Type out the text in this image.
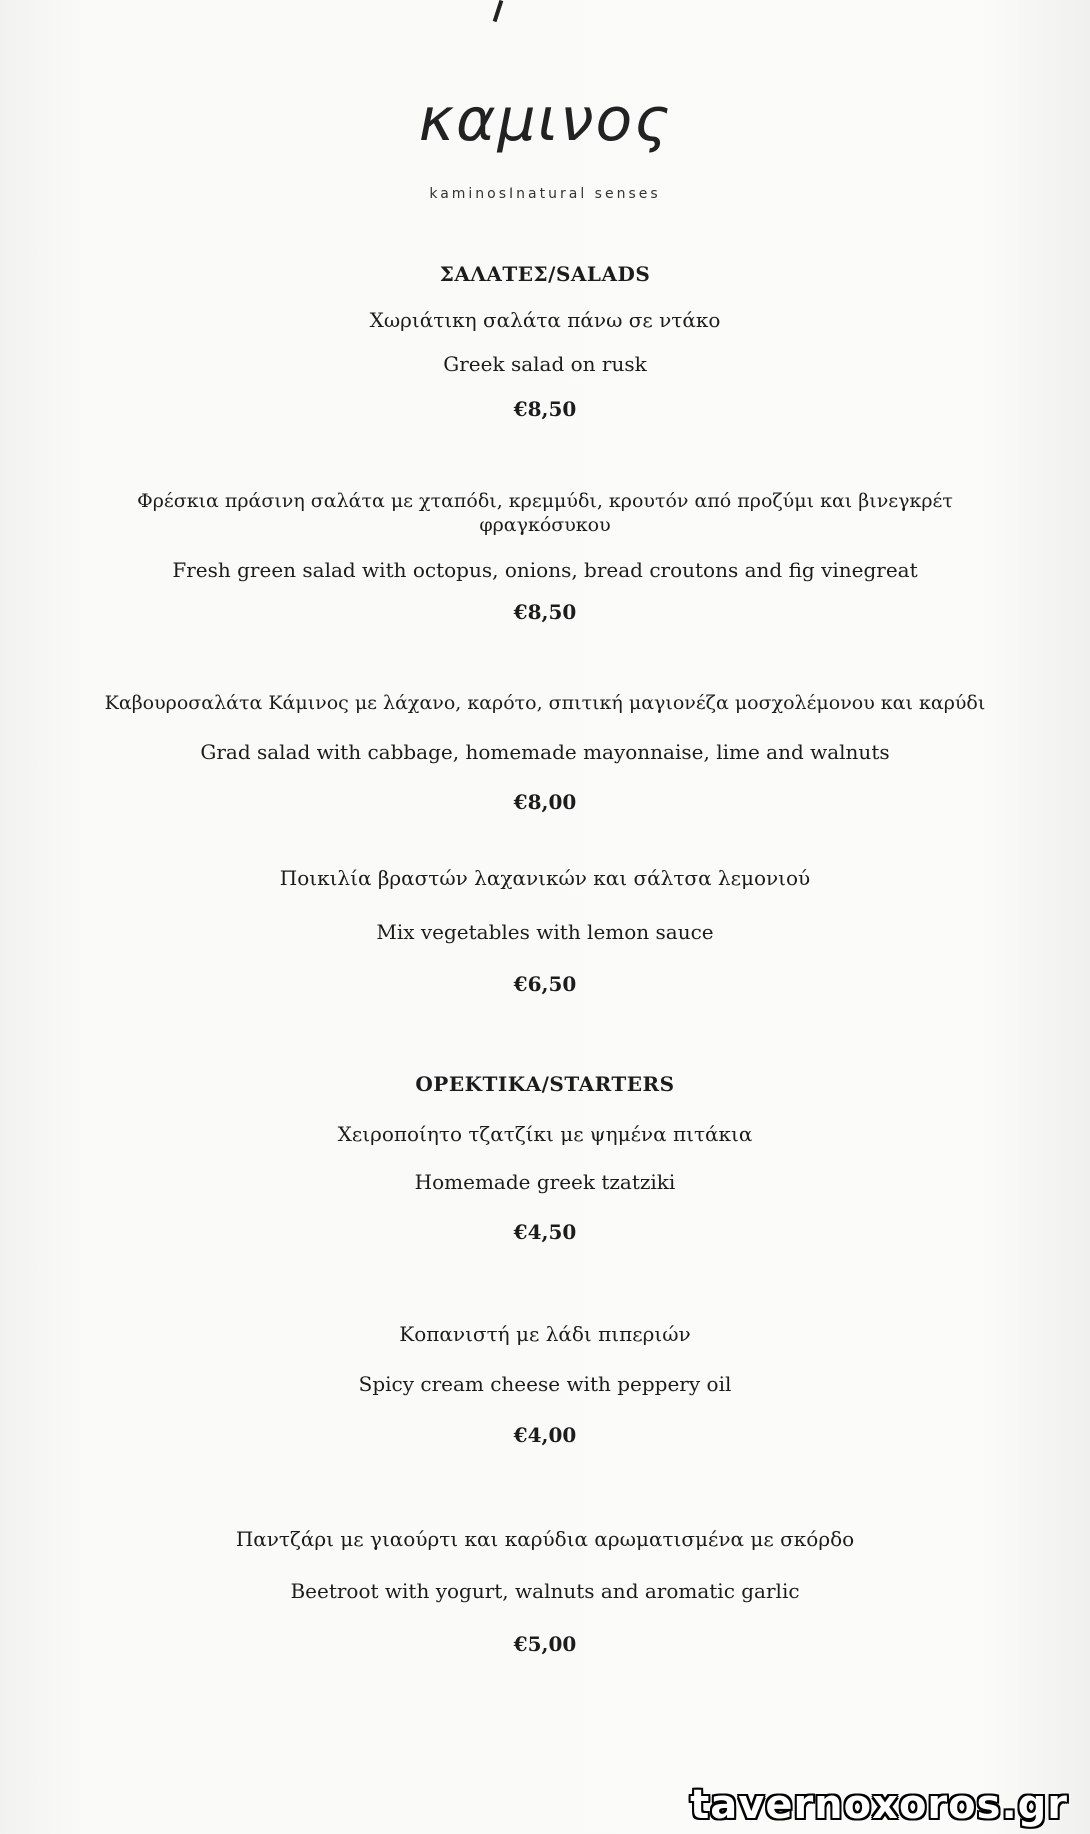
καμινος
kaminosInatural senses
ΣΑΛΑΤΕΣ/SALADS
Χωριάτικη σαλάτα πάνω σε ντάκο
Greek salad on rusk
€8,50
Φρέσκια πράσινη σαλάτα με χταπόδι, κρεμμύδι, κρουτόν από προζύμι και βινεγκρέτ
φραγκόσυκου
Fresh green salad with octopus, onions, bread croutons and fig vinegreat
€8,50
Καβουροσαλάτα Κάμινος με λάχανο, καρότο, σπιτική μαγιονέζα μοσχολέμονου και καρύδι
Grad salad with cabbage, homemade mayonnaise, lime and walnuts
€8,00
Ποικιλία βραστών λαχανικών και σάλτσα λεμονιού
Mix vegetables with lemon sauce
€6,50
ΟΡΕΚΤΙΚΑ/STARTERS
Χειροποίητο τζατζίκι με ψημένα πιτάκια
Homemade greek tzatziki
€4,50
Κοπανιστή με λάδι πιπεριών
Spicy cream cheese with peppery oil
€4,00
Παντζάρι με γιαούρτι και καρύδια αρωματισμένα με σκόρδο
Beetroot with yogurt, walnuts and aromatic garlic
€5,00
tavernoxoros.gr
